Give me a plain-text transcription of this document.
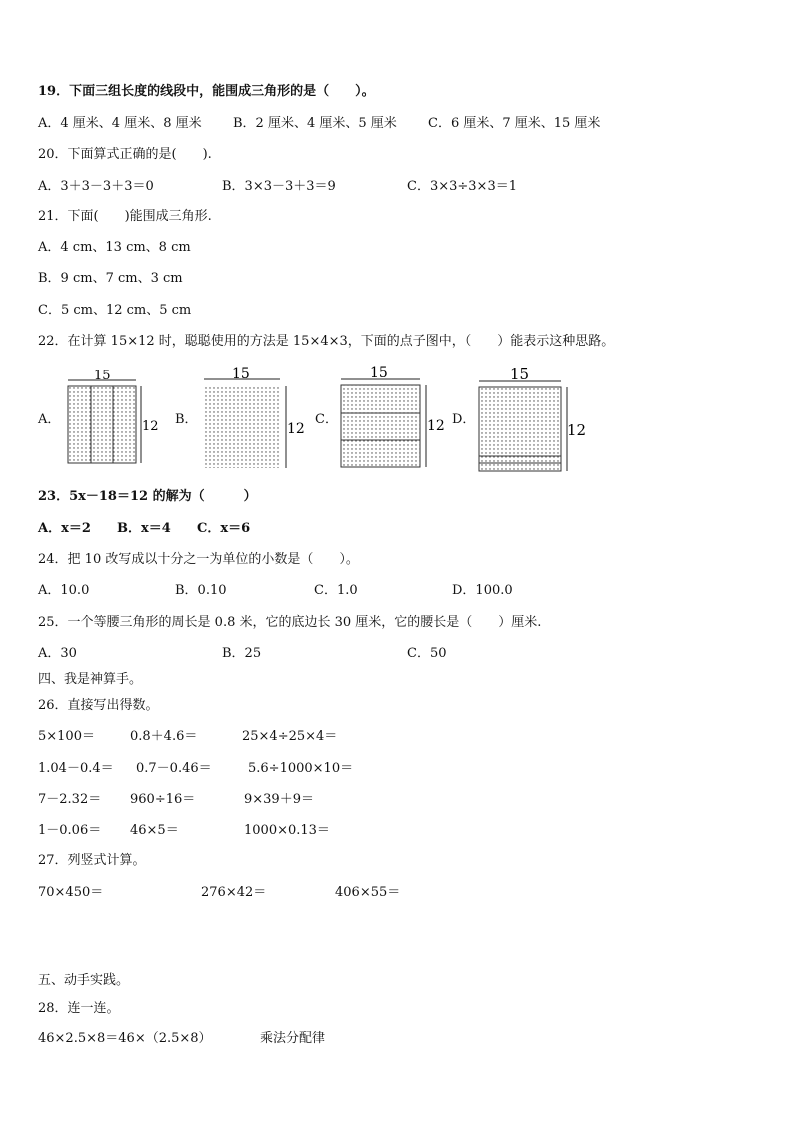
19．下面三组长度的线段中，能围成三角形的是（　　）。
A．4 厘米、4 厘米、8 厘米 B．2 厘米、4 厘米、5 厘米 C．6 厘米、7 厘米、15 厘米
20．下面算式正确的是(　　).
A．3＋3－3＋3＝0	B．3×3－3＋3＝9	C．3×3÷3×3＝1
21．下面(　　)能围成三角形.
A．4 cm、13 cm、8 cm
B．9 cm、7 cm、3 cm
C．5 cm、12 cm、5 cm
22．在计算 15×12 时，聪聪使用的方法是 15×4×3，下面的点子图中，（　　）能表示这种思路。
A．
15
12 B．
15
12
C．
15
12 D．
15
12
23．5x－18＝12 的解为（　　　）
A．x＝2 B．x＝4 C．x＝6
24．把 10 改写成以十分之一为单位的小数是（　　）。
A．10.0	B．0.10	C．1.0	D．100.0
25．一个等腰三角形的周长是 0.8 米，它的底边长 30 厘米，它的腰长是（　　）厘米.
A．30	B．25	C．50
四、我是神算手。
26．直接写出得数。
5×100＝	0.8＋4.6＝	25×4÷25×4＝
1.04－0.4＝ 0.7－0.46＝	5.6÷1000×10＝
7－2.32＝ 960÷16＝	9×39＋9＝
1－0.06＝ 46×5＝	1000×0.13＝
27．列竖式计算。
70×450＝	276×42＝	406×55＝
五、动手实践。
28．连一连。
46×2.5×8＝46×（2.5×8）	乘法分配律
